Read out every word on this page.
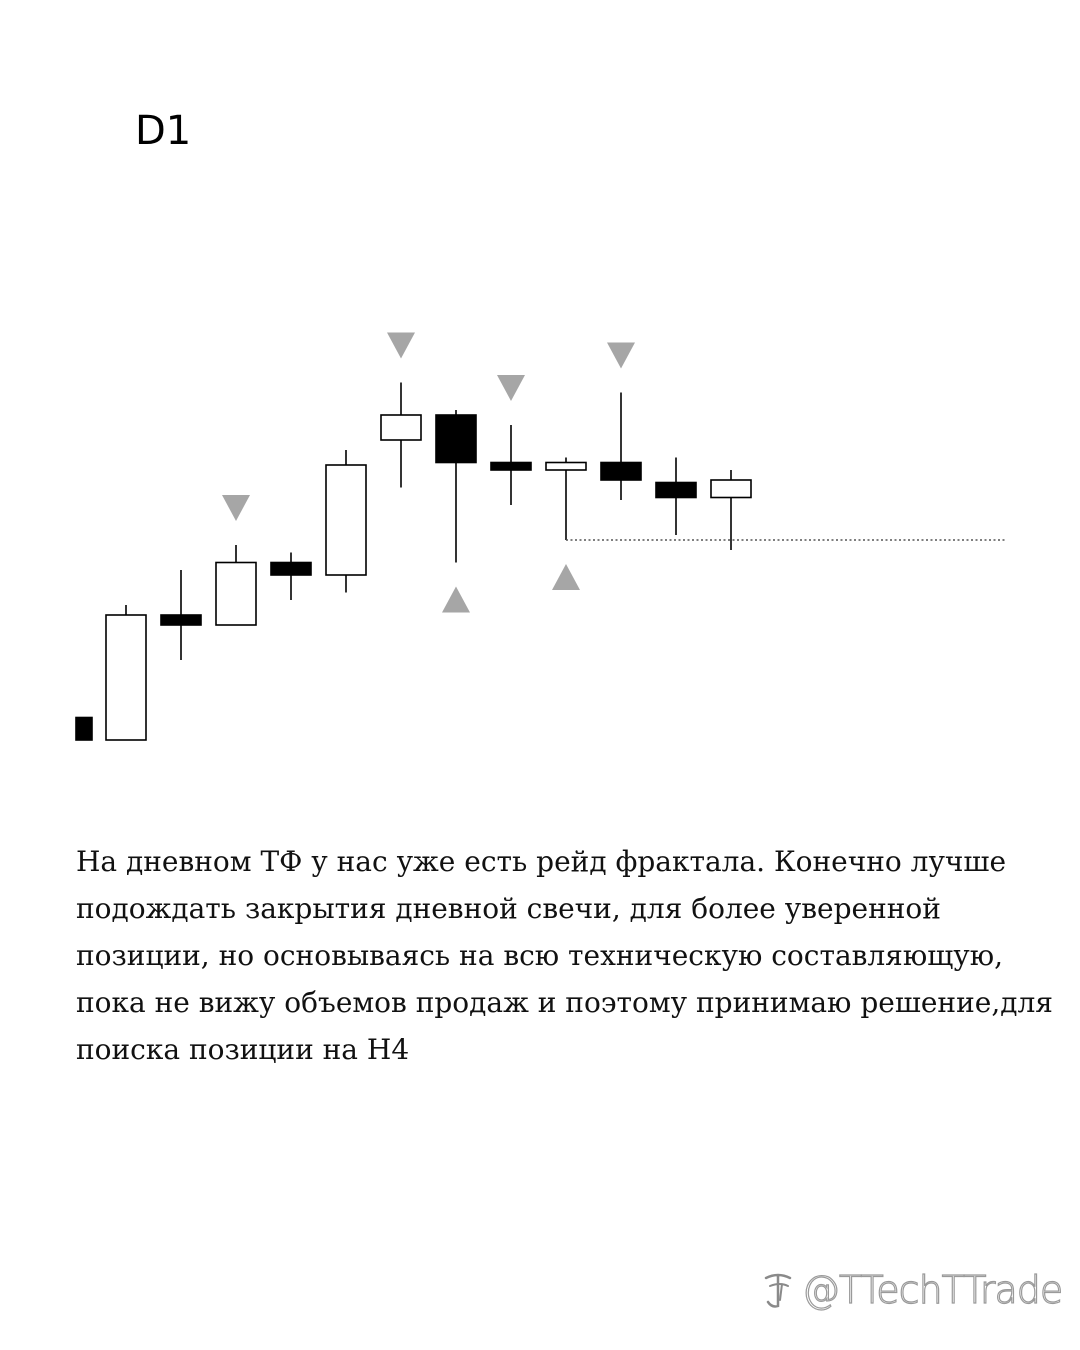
D1

На дневном ТФ у нас уже есть рейд фрактала. Конечно лучше подождать закрытия дневной свечи, для более уверенной позиции, но основываясь на всю техническую составляющую, пока не вижу объемов продаж и поэтому принимаю решение,для поиска позиции на H4

@TTechTTrade
